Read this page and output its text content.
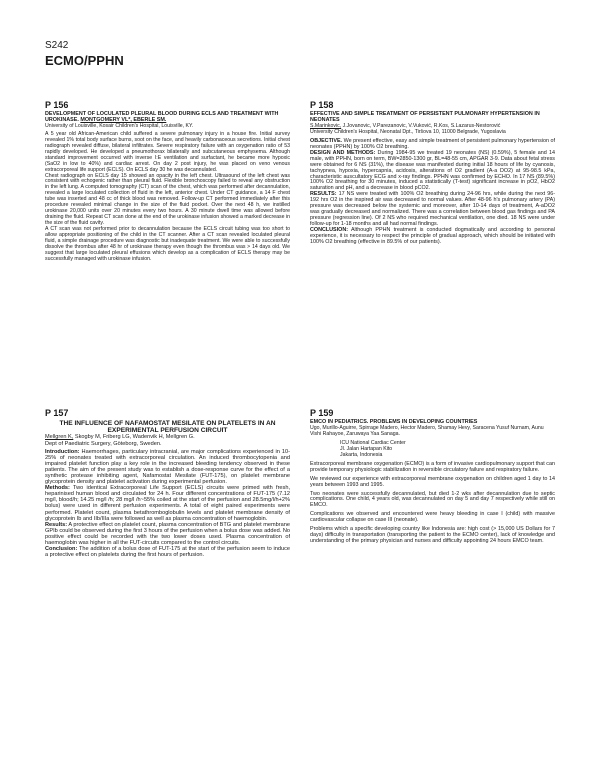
S242
ECMO/PPHN
P 156
DEVELOPMENT OF LOCULATED PLEURAL BLOOD DURING ECLS AND TREATMENT WITH UROKINASE. MONTGOMERY VL*, EBERLE SM.
University of Louisville, Kosair Children's Hospital, Louisville, KY.

A 5 year old African-American child suffered a severe pulmonary injury in a house fire. Initial survey revealed 1% total body surface burns, soot on the face, and heavily carbonaceous secretions. Initial chest radiograph revealed diffuse, bilateral infiltrates. Severe respiratory failure with an oxygenation ratio of 53 rapidly developed. He developed a pneumothorax bilaterally and subcutaneous emphysema. Although standard improvement occurred with inverse I:E ventilation and surfactant, he became more hypoxic (SaO2 in low to 40%) and cardiac arrest. On day 2 post injury, he was placed on veno venous extracorporeal life support (ECLS). On ECLS day 30 he was decannulated.

Chest radiograph on ECLS day 15 showed an opacity in the left chest. Ultrasound of the left chest was consistent with echogenic rather than pleural fluid. Flexible bronchoscopy failed to reveal any obstruction in the left lung. A computed tomography (CT) scan of the chest, which was performed after decannulation, revealed a large loculated collection of fluid in the left, anterior chest. Under CT guidance, a 14 F chest tube was inserted and 48 cc of thick blood was removed. Follow-up CT performed immediately after this procedure revealed minimal change in the size of the fluid pocket. Over the next 48 h, we instilled urokinase 20,000 units over 20 minutes every two hours. A 30 minute dwell time was allowed before draining the fluid. Repeat CT scan done at the end of the urokinase infusion showed a marked decrease in the size of the fluid cavity.

A CT scan was not performed prior to decannulation because the ECLS circuit tubing was too short to allow appropriate positioning of the child in the CT scanner. After a CT scan revealed loculated pleural fluid, a simple drainage procedure was diagnostic but inadequate treatment. We were able to successfully dissolve the thrombus after 48 hr of urokinase therapy even though the thrombus was > 14 days old. We suggest that large loculated pleural effusions which develop as a complication of ECLS therapy may be successfully managed with urokinase infusion.

P 158
EFFECTIVE AND SIMPLE TREATMENT OF PERSISTENT PULMONARY HYPERTENSION IN NEONATES
S.Marinkovic, J.Jovanovic, V.Parezanovic, V.Vuković, R.Kos, S.Lazarus-Nestorović
University Children's Hospital, Neonatal Dpt., Tiršova 10, 11000 Belgrade, Yugoslavia

OBJECTIVE. We present effective, easy and simple treatment of persistent pulmonary hypertension of neonates (PPHN) by 100% O2 breathing.

DESIGN AND METHODS: During 1984-95 we treated 19 neonates (NS) (0.59%), 5 female and 14 male, with PPHN, born on term, BW=2850-1300 gr, BL=48-55 cm, APGAR 3-9. Data about fetal stress were obtained for 6 NS (31%), the disease was manifested during initial 18 hours of life by cyanosis, tachypnea, hypoxia, hypercapnia, acidosis, alterations of O2 gradient (A-a DO2) at 95-98.5 kPa, characteristic auscultatory ECG and x-ray findings. PPHN was confirmed by ECHO. In 17 NS (89.5%) 100% O2 breathing for 30 minutes, induced a statistically (T-test) significant increase in pO2, HbO2 saturation and pH, and a decrease in blood pCO2.

RESULTS: 17 NS were treated with 100% O2 breathing during 24-96 hrs, while during the next 96-192 hrs O2 in the inspired air was decreased to normal values. After 48-96 h's pulmonary artery (PA) pressure was decreased below the systemic and moreover, after 10-14 days of treatment, A-aDO2 was gradually decreased and normalized. There was a correlation between blood gas findings and PA pressure (regression line). Of 2 NS who required mechanical ventilation, one died. 18 NS were under follow-up for 1-18 months and all had normal findings.

CONCLUSION: Although PPHN treatment is conducted dogmatically and according to personal experience, it is necessary to respect the principle of gradual approach, which should be initiated with 100% O2 breathing (effective in 89.5% of our patients).

P 157
THE INFLUENCE OF NAFAMOSTAT MESILATE ON PLATELETS IN AN EXPERIMENTAL PERFUSION CIRCUIT
Mellgren K, Skogby M, Friberg LG, Wadenvik H, Mellgren G.
Dept of Paediatric Surgery, Göteborg, Sweden.

Introduction: Haemorrhages, particulary intracranial, are major complications experienced in 10-25% of neonates treated with extracorporeal circulation. An induced thrombocytopenia and impaired platelet function play a key role in the increased bleeding tendency observed in these patients. The aim of the present study was to establish a dose-response curve for the effect of a synthetic protease inhibiting agent, Nafamostat Mesilate (FUT-175), on platelet membrane glycoprotein density and platelet activation during experimental perfusion.

Methods: Two identical Extracorporeal Life Support (ECLS) circuits were primed with fresh, heparinised human blood and circulated for 24 h. Four different concentrations of FUT-175 (7.12 mg/l, blood/h; 14.25 mg/l /h; 28 mg/l /h~55% coiled at the start of the perfusion and 28.5mg/l/h+2% bolus) were used in different perfusion experiments. A total of eight paired experiments were performed. Platelet count, plasma betathromboglobulin levels and platelet membrane density of glycoprotein Ib and IIb/IIIa were followed as well as plasma concentration of haemoglobin.

Results: A protective effect on platelet count, plasma concentration of BTG and platelet membrane GPIb could be observed during the first 3 hours of the perfusion when a bolus dose was added. No positive effect could be recorded with the two lower doses used. Plasma concentration of haemoglobin was higher in all the FUT-circuits compared to the control circuits.

Conclusion: The addition of a bolus dose of FUT-175 at the start of the perfusion seem to induce a protective effect on platelets during the first hours of perfusion.

P 159
EMCO IN PEDIATRICS. PROBLEMS IN DEVELOPING COUNTRIES
Ugo, Murillo-Aguirre, Spirrage Madero, Hector Madero, Shamay Hevy, Saracena Yusuf Nurnam, Aunu Vishi Rahayoe, Zaruwaya Yaa Sanaga.
ICU National Cardiac Center
Jl. Jalan Hartapan Kito
Jakarta, Indonesia

Extracorporeal membrane oxygenation (ECMO) is a form of invasive cardiopulmonary support that can provide temporary physiologic stabilization in reversible circulatory failure and respiratory failure.

We reviewed our experience with extracorporeal membrane oxygenation on children aged 1 day to 14 years between 1993 and 1995.

Two neonates were successfully decannulated, but died 1-2 wks after decannulation due to septic complications. One child, 4 years old, was decannulated on day 5 and day 7 respectively while still on EMCO.

Complications we observed and encountered were heavy bleeding in case I (child) with massive cardiovascular collapse on case III (neonate).

Problems which a specific developing country like Indonesia are: high cost (> 15,000 US Dollars for 7 days) difficulty in transportation (transporting the patient to the ECMO center), lack of knowledge and understanding of the primary physician and nurses and difficulty appointing 24 hours EMCO team.
